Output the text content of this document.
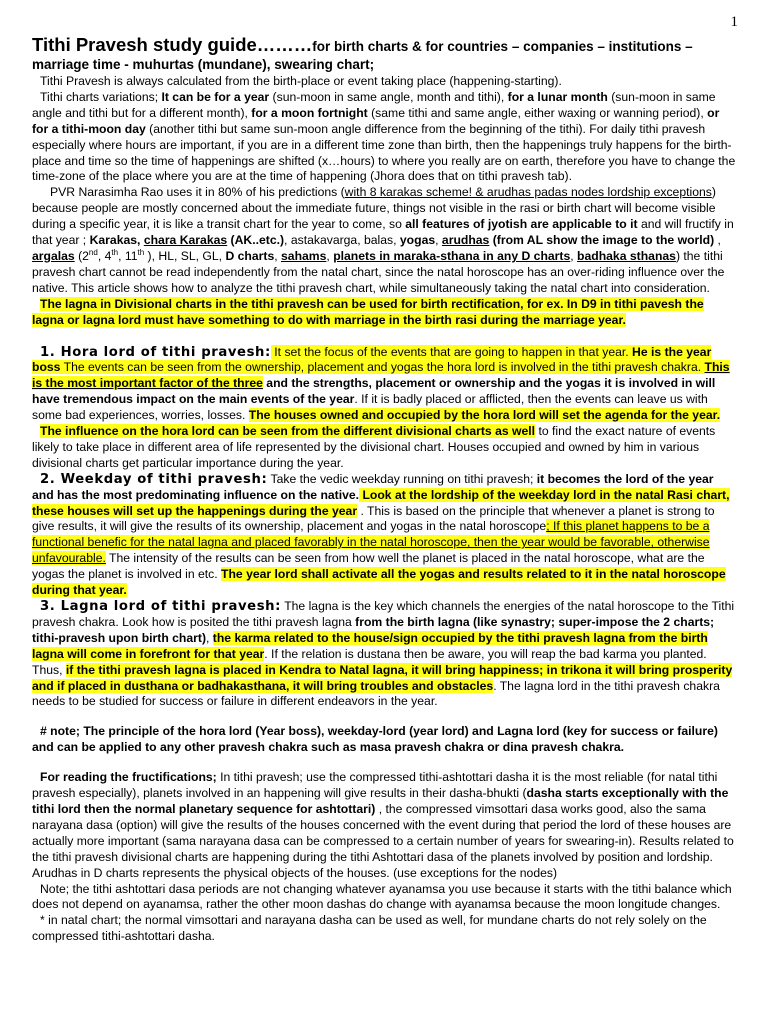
1
Tithi Pravesh study guide………for birth charts & for countries – companies – institutions – marriage time - muhurtas (mundane), swearing chart;

Tithi Pravesh is always calculated from the birth-place or event taking place (happening-starting).

Tithi charts variations; It can be for a year (sun-moon in same angle, month and tithi), for a lunar month (sun-moon in same angle and tithi but for a different month), for a moon fortnight (same tithi and same angle, either waxing or wanning period), or for a tithi-moon day (another tithi but same sun-moon angle difference from the beginning of the tithi). For daily tithi pravesh especially where hours are important, if you are in a different time zone than birth, then the happenings truly happens for the birth-place and time so the time of happenings are shifted (x…hours) to where you really are on earth, therefore you have to change the time-zone of the place where you are at the time of happening (Jhora does that on tithi pravesh tab).

PVR Narasimha Rao uses it in 80% of his predictions (with 8 karakas scheme! & arudhas padas nodes lordship exceptions) because people are mostly concerned about the immediate future, things not visible in the rasi or birth chart will become visible during a specific year, it is like a transit chart for the year to come, so all features of jyotish are applicable to it and will fructify in that year ; Karakas, chara Karakas (AK..etc.), astakavarga, balas, yogas, arudhas (from AL show the image to the world) , argalas (2nd, 4th, 11th ), HL, SL, GL, D charts, sahams, planets in maraka-sthana in any D charts, badhaka sthanas) the tithi pravesh chart cannot be read independently from the natal chart, since the natal horoscope has an over-riding influence over the native. This article shows how to analyze the tithi pravesh chart, while simultaneously taking the natal chart into consideration.

The lagna in Divisional charts in the tithi pravesh can be used for birth rectification, for ex. In D9 in tithi pavesh the lagna or lagna lord must have something to do with marriage in the birth rasi during the marriage year.

1. Hora lord of tithi pravesh: It set the focus of the events that are going to happen in that year. He is the year boss The events can be seen from the ownership, placement and yogas the hora lord is involved in the tithi pravesh chakra. This is the most important factor of the three and the strengths, placement or ownership and the yogas it is involved in will have tremendous impact on the main events of the year. If it is badly placed or afflicted, then the events can leave us with some bad experiences, worries, losses. The houses owned and occupied by the hora lord will set the agenda for the year.

The influence on the hora lord can be seen from the different divisional charts as well to find the exact nature of events likely to take place in different area of life represented by the divisional chart. Houses occupied and owned by him in various divisional charts get particular importance during the year.

2. Weekday of tithi pravesh: Take the vedic weekday running on tithi pravesh; it becomes the lord of the year and has the most predominating influence on the native. Look at the lordship of the weekday lord in the natal Rasi chart, these houses will set up the happenings during the year . This is based on the principle that whenever a planet is strong to give results, it will give the results of its ownership, placement and yogas in the natal horoscope; If this planet happens to be a functional benefic for the natal lagna and placed favorably in the natal horoscope, then the year would be favorable, otherwise unfavourable. The intensity of the results can be seen from how well the planet is placed in the natal horoscope, what are the yogas the planet is involved in etc. The year lord shall activate all the yogas and results related to it in the natal horoscope during that year.

3. Lagna lord of tithi pravesh: The lagna is the key which channels the energies of the natal horoscope to the Tithi pravesh chakra. Look how is posited the tithi pravesh lagna from the birth lagna (like synastry; super-impose the 2 charts; tithi-pravesh upon birth chart), the karma related to the house/sign occupied by the tithi pravesh lagna from the birth lagna will come in forefront for that year. If the relation is dustana then be aware, you will reap the bad karma you planted. Thus, if the tithi pravesh lagna is placed in Kendra to Natal lagna, it will bring happiness; in trikona it will bring prosperity and if placed in dusthana or badhakasthana, it will bring troubles and obstacles. The lagna lord in the tithi pravesh chakra needs to be studied for success or failure in different endeavors in the year.

# note; The principle of the hora lord (Year boss), weekday-lord (year lord) and Lagna lord (key for success or failure) and can be applied to any other pravesh chakra such as masa pravesh chakra or dina pravesh chakra.

For reading the fructifications; In tithi pravesh; use the compressed tithi-ashtottari dasha it is the most reliable (for natal tithi pravesh especially), planets involved in an happening will give results in their dasha-bhukti (dasha starts exceptionally with the tithi lord then the normal planetary sequence for ashtottari) , the compressed vimsottari dasa works good, also the sama narayana dasa (option) will give the results of the houses concerned with the event during that period the lord of these houses are actually more important (sama narayana dasa can be compressed to a certain number of years for swearing-in). Results related to the tithi pravesh divisional charts are happening during the tithi Ashtottari dasa of the planets involved by position and lordship. Arudhas in D charts represents the physical objects of the houses. (use exceptions for the nodes)

Note; the tithi ashtottari dasa periods are not changing whatever ayanamsa you use because it starts with the tithi balance which does not depend on ayanamsa, rather the other moon dashas do change with ayanamsa because the moon longitude changes.

* in natal chart; the normal vimsottari and narayana dasha can be used as well, for mundane charts do not rely solely on the compressed tithi-ashtottari dasha.
